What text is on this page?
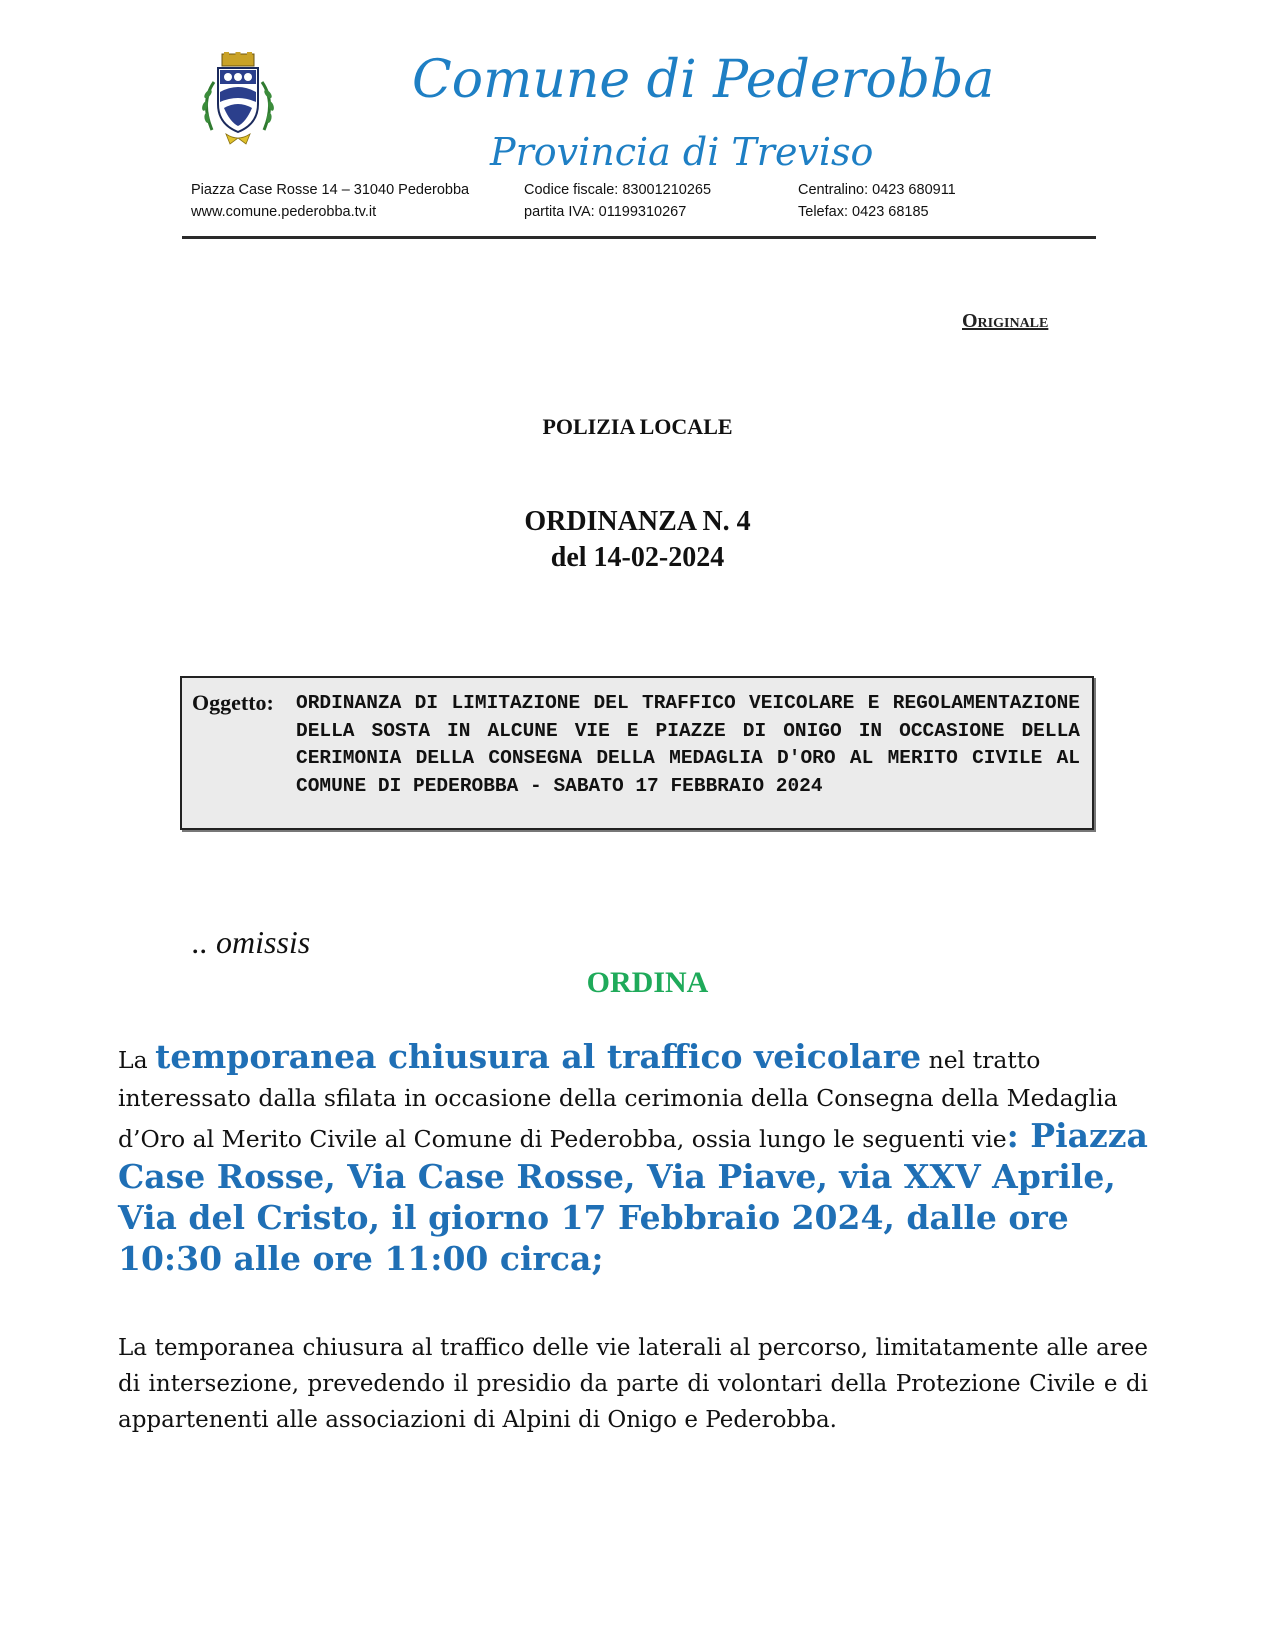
Comune di Pederobba
Provincia di Treviso
Piazza Case Rosse 14 – 31040 Pederobba
www.comune.pederobba.tv.it
Codice fiscale: 83001210265
partita IVA: 01199310267
Centralino: 0423 680911
Telefax: 0423 68185
Originale
POLIZIA LOCALE
ORDINANZA N. 4
del 14-02-2024
Oggetto: ORDINANZA DI LIMITAZIONE DEL TRAFFICO VEICOLARE E REGOLAMENTAZIONE DELLA SOSTA IN ALCUNE VIE E PIAZZE DI ONIGO IN OCCASIONE DELLA CERIMONIA DELLA CONSEGNA DELLA MEDAGLIA D'ORO AL MERITO CIVILE AL COMUNE DI PEDEROBBA - SABATO 17 FEBBRAIO 2024
.. omissis
ORDINA
La temporanea chiusura al traffico veicolare nel tratto interessato dalla sfilata in occasione della cerimonia della Consegna della Medaglia d’Oro al Merito Civile al Comune di Pederobba, ossia lungo le seguenti vie: Piazza Case Rosse, Via Case Rosse, Via Piave, via XXV Aprile, Via del Cristo, il giorno 17 Febbraio 2024, dalle ore 10:30 alle ore 11:00 circa;
La temporanea chiusura al traffico delle vie laterali al percorso, limitatamente alle aree di intersezione, prevedendo il presidio da parte di volontari della Protezione Civile e di appartenenti alle associazioni di Alpini di Onigo e Pederobba.
